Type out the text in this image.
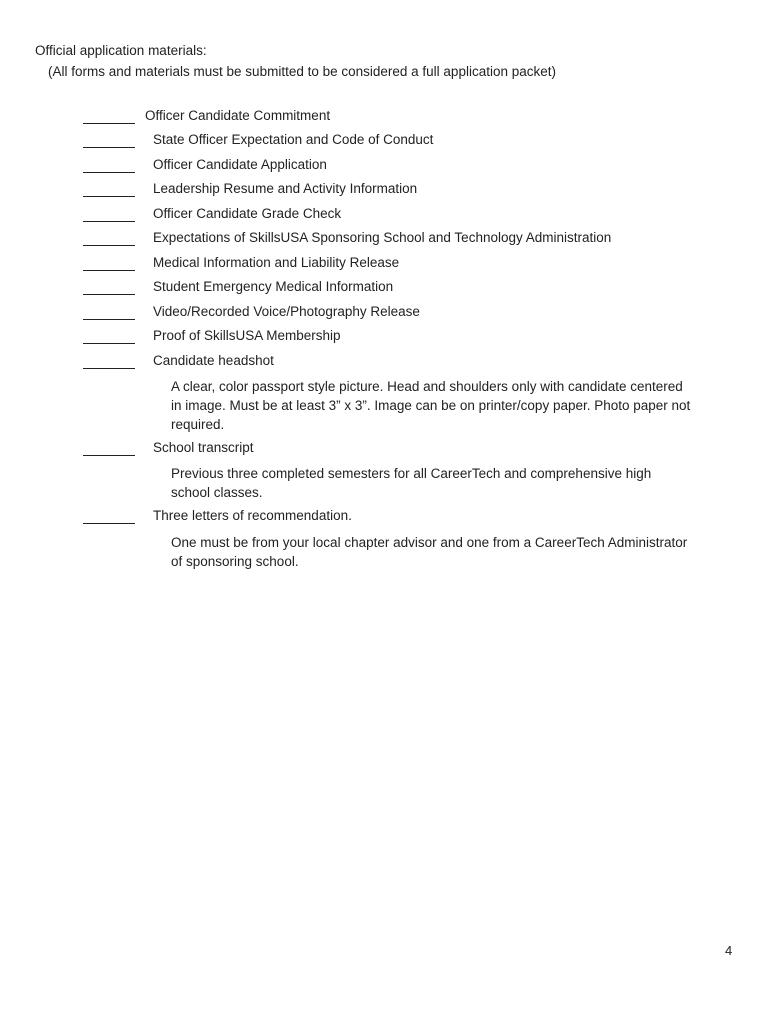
Official application materials:
(All forms and materials must be submitted to be considered a full application packet)
Officer Candidate Commitment
State Officer Expectation and Code of Conduct
Officer Candidate Application
Leadership Resume and Activity Information
Officer Candidate Grade Check
Expectations of SkillsUSA Sponsoring School and Technology Administration
Medical Information and Liability Release
Student Emergency Medical Information
Video/Recorded Voice/Photography Release
Proof of SkillsUSA Membership
Candidate headshot
A clear, color passport style picture. Head and shoulders only with candidate centered in image. Must be at least 3” x 3”. Image can be on printer/copy paper. Photo paper not required.
School transcript
Previous three completed semesters for all CareerTech and comprehensive high school classes.
Three letters of recommendation.
One must be from your local chapter advisor and one from a CareerTech Administrator of sponsoring school.
4
